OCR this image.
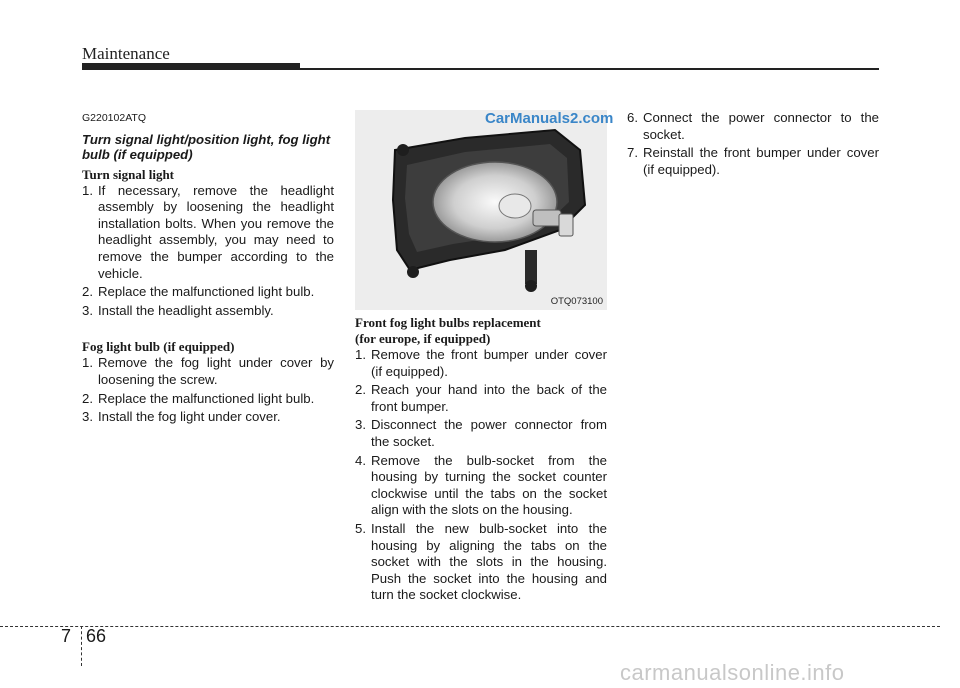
Maintenance

G220102ATQ

Turn signal light/position light, fog light bulb (if equipped)

Turn signal light

1. If necessary, remove the headlight assembly by loosening the headlight installation bolts. When you remove the headlight assembly, you may need to remove the bumper according to the vehicle.
2. Replace the malfunctioned light bulb.
3. Install the headlight assembly.

Fog light bulb (if equipped)

1. Remove the fog light under cover by loosening the screw.
2. Replace the malfunctioned light bulb.
3. Install the fog light under cover.
OTQ073100
CarManuals2.com

Front fog light bulbs replacement

(for europe, if equipped)

1. Remove the front bumper under cover (if equipped).
2. Reach your hand into the back of the front bumper.
3. Disconnect the power connector from the socket.
4. Remove the bulb-socket from the housing by turning the socket counter clockwise until the tabs on the socket align with the slots on the housing.
5. Install the new bulb-socket into the housing by aligning the tabs on the socket with the slots in the housing. Push the socket into the housing and turn the socket clockwise.
6. Connect the power connector to the socket.
7. Reinstall the front bumper under cover (if equipped).
7 66
carmanualsonline.info
